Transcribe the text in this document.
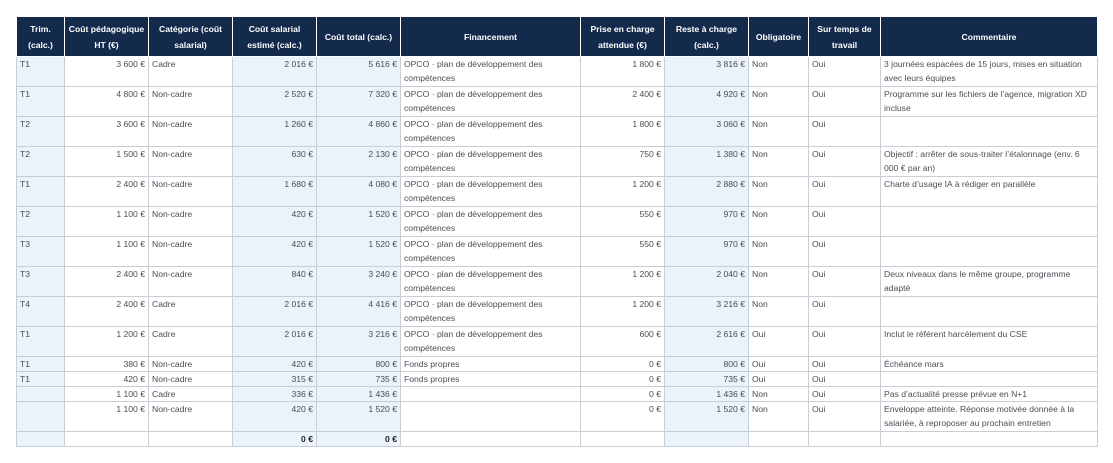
Trim. (calc.)	Coût pédagogique HT (€)	Catégorie (coût salarial)	Coût salarial estimé (calc.)	Coût total (calc.)	Financement	Prise en charge attendue (€)	Reste à charge (calc.)	Obligatoire	Sur temps de travail	Commentaire
T1	3 600 €	Cadre	2 016 €	5 616 €	OPCO · plan de développement des compétences	1 800 €	3 816 €	Non	Oui	3 journées espacées de 15 jours, mises en situation avec leurs équipes
T1	4 800 €	Non-cadre	2 520 €	7 320 €	OPCO · plan de développement des compétences	2 400 €	4 920 €	Non	Oui	Programme sur les fichiers de l’agence, migration XD incluse
T2	3 600 €	Non-cadre	1 260 €	4 860 €	OPCO · plan de développement des compétences	1 800 €	3 060 €	Non	Oui	
T2	1 500 €	Non-cadre	630 €	2 130 €	OPCO · plan de développement des compétences	750 €	1 380 €	Non	Oui	Objectif : arrêter de sous-traiter l’étalonnage (env. 6 000 € par an)
T1	2 400 €	Non-cadre	1 680 €	4 080 €	OPCO · plan de développement des compétences	1 200 €	2 880 €	Non	Oui	Charte d’usage IA à rédiger en parallèle
T2	1 100 €	Non-cadre	420 €	1 520 €	OPCO · plan de développement des compétences	550 €	970 €	Non	Oui	
T3	1 100 €	Non-cadre	420 €	1 520 €	OPCO · plan de développement des compétences	550 €	970 €	Non	Oui	
T3	2 400 €	Non-cadre	840 €	3 240 €	OPCO · plan de développement des compétences	1 200 €	2 040 €	Non	Oui	Deux niveaux dans le même groupe, programme adapté
T4	2 400 €	Cadre	2 016 €	4 416 €	OPCO · plan de développement des compétences	1 200 €	3 216 €	Non	Oui	
T1	1 200 €	Cadre	2 016 €	3 216 €	OPCO · plan de développement des compétences	600 €	2 616 €	Oui	Oui	Inclut le référent harcèlement du CSE
T1	380 €	Non-cadre	420 €	800 €	Fonds propres	0 €	800 €	Oui	Oui	Échéance mars
T1	420 €	Non-cadre	315 €	735 €	Fonds propres	0 €	735 €	Oui	Oui	
	1 100 €	Cadre	336 €	1 436 €		0 €	1 436 €	Non	Oui	Pas d’actualité presse prévue en N+1
	1 100 €	Non-cadre	420 €	1 520 €		0 €	1 520 €	Non	Oui	Enveloppe atteinte. Réponse motivée donnée à la salariée, à reproposer au prochain entretien
			0 €	0 €						
